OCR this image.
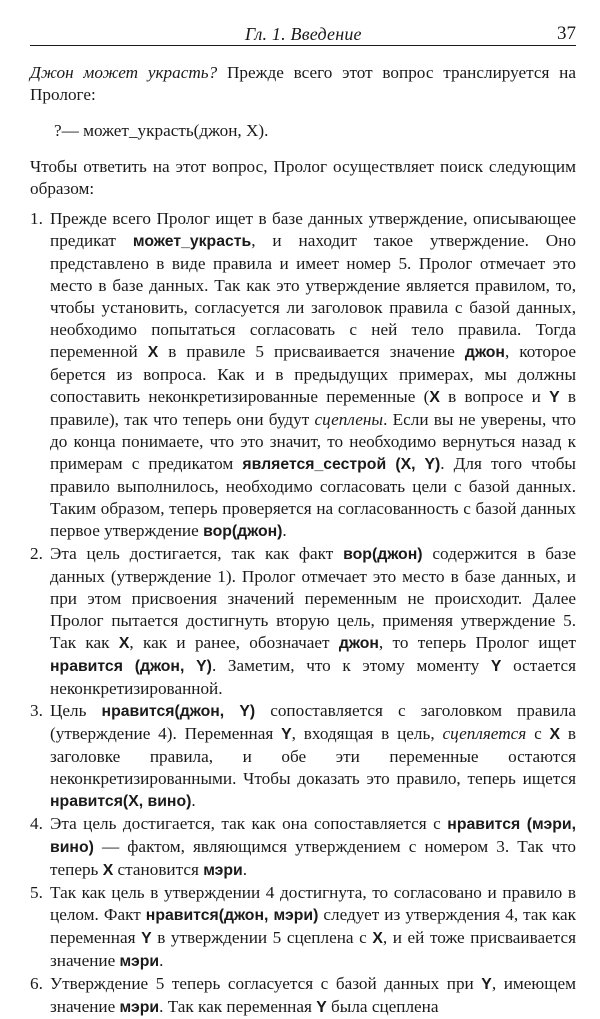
Гл. 1. Введение	37

Джон может украсть? Прежде всего этот вопрос транслируется на Прологе:

?— может_украсть(джон, X).

Чтобы ответить на этот вопрос, Пролог осуществляет поиск следующим образом:

1. Прежде всего Пролог ищет в базе данных утверждение, описывающее предикат может_украсть, и находит такое утверждение. Оно представлено в виде правила и имеет номер 5. Пролог отмечает это место в базе данных. Так как это утверждение является правилом, то, чтобы установить, согласуется ли заголовок правила с базой данных, необходимо попытаться согласовать с ней тело правила. Тогда переменной X в правиле 5 присваивается значение джон, которое берется из вопроса. Как и в предыдущих примерах, мы должны сопоставить неконкретизированные переменные (X в вопросе и Y в правиле), так что теперь они будут сцеплены. Если вы не уверены, что до конца понимаете, что это значит, то необходимо вернуться назад к примерам с предикатом является_сестрой (X, Y). Для того чтобы правило выполнилось, необходимо согласовать цели с базой данных. Таким образом, теперь проверяется на согласованность с базой данных первое утверждение вор(джон).
2. Эта цель достигается, так как факт вор(джон) содержится в базе данных (утверждение 1). Пролог отмечает это место в базе данных, и при этом присвоения значений переменным не происходит. Далее Пролог пытается достигнуть вторую цель, применяя утверждение 5. Так как X, как и ранее, обозначает джон, то теперь Пролог ищет нравится (джон, Y). Заметим, что к этому моменту Y остается неконкретизированной.
3. Цель нравится(джон, Y) сопоставляется с заголовком правила (утверждение 4). Переменная Y, входящая в цель, сцепляется с X в заголовке правила, и обе эти переменные остаются неконкретизированными. Чтобы доказать это правило, теперь ищется нравится(X, вино).
4. Эта цель достигается, так как она сопоставляется с нравится (мэри, вино) — фактом, являющимся утверждением с номером 3. Так что теперь X становится мэри.
5. Так как цель в утверждении 4 достигнута, то согласовано и правило в целом. Факт нравится(джон, мэри) следует из утверждения 4, так как переменная Y в утверждении 5 сцеплена с X, и ей тоже присваивается значение мэри.
6. Утверждение 5 теперь согласуется с базой данных при Y, имеющем значение мэри. Так как переменная Y была сцеплена
